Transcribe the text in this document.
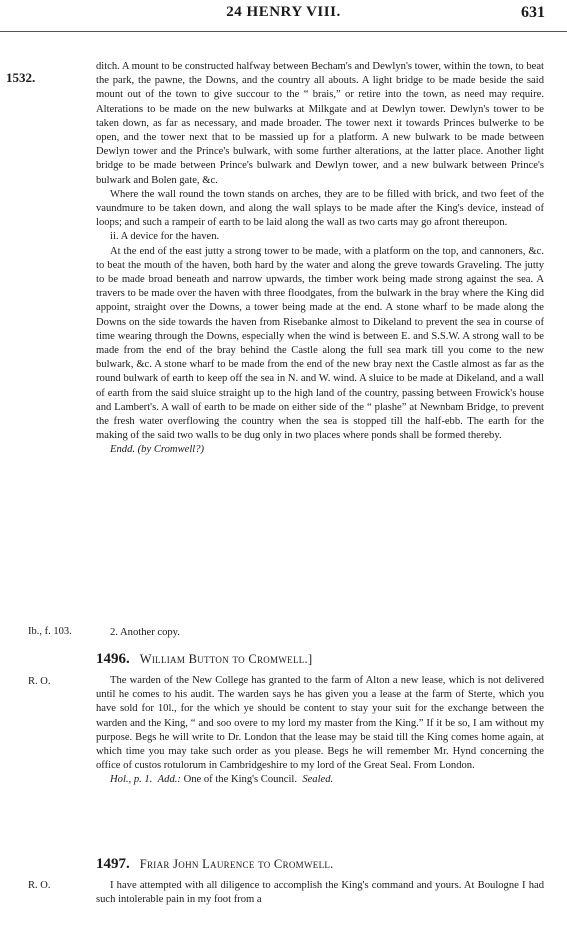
24 HENRY VIII.	631
1532.

ditch. A mount to be constructed halfway between Becham's and Dewlyn's tower, within the town, to beat the park, the pawne, the Downs, and the country all abouts. A light bridge to be made beside the said mount out of the town to give succour to the “ brais,” or retire into the town, as need may require. Alterations to be made on the new bulwarks at Milkgate and at Dewlyn tower. Dewlyn's tower to be taken down, as far as necessary, and made broader. The tower next it towards Princes bulwerke to be open, and the tower next that to be massied up for a platform. A new bulwark to be made between Dewlyn tower and the Prince's bulwark, with some further alterations, at the latter place. Another light bridge to be made between Prince's bulwark and Dewlyn tower, and a new bulwark between Prince's bulwark and Bolen gate, &c.

Where the wall round the town stands on arches, they are to be filled with brick, and two feet of the vaundmure to be taken down, and along the wall splays to be made after the King's device, instead of loops; and such a rampeir of earth to be laid along the wall as two carts may go afront thereupon.

ii. A device for the haven.

At the end of the east jutty a strong tower to be made, with a platform on the top, and cannoners, &c. to beat the mouth of the haven, both hard by the water and along the greve towards Graveling. The jutty to be made broad beneath and narrow upwards, the timber work being made strong against the sea. A travers to be made over the haven with three floodgates, from the bulwark in the bray where the King did appoint, straight over the Downs, a tower being made at the end. A stone wharf to be made along the Downs on the side towards the haven from Risebanke almost to Dikeland to prevent the sea in course of time wearing through the Downs, especially when the wind is between E. and S.S.W. A strong wall to be made from the end of the bray behind the Castle along the full sea mark till you come to the new bulwark, &c. A stone wharf to be made from the end of the new bray next the Castle almost as far as the round bulwark of earth to keep off the sea in N. and W. wind. A sluice to be made at Dikeland, and a wall of earth from the said sluice straight up to the high land of the country, passing between Frowick's house and Lambert's. A wall of earth to be made on either side of the “ plashe” at Newnbam Bridge, to prevent the fresh water overflowing the country when the sea is stopped till the half-ebb. The earth for the making of the said two walls to be dug only in two places where ponds shall be formed thereby.

Endd. (by Cromwell?)

Ib., f. 103.	2. Another copy.

1496. William Button to Cromwell.]
R. O.	The warden of the New College has granted to the farm of Alton a new lease, which is not delivered until he comes to his audit. The warden says he has given you a lease at the farm of Sterte, which you have sold for 10l., for the which ye should be content to stay your suit for the exchange between the warden and the King, “ and soo overe to my lord my master from the King.” If it be so, I am without my purpose. Begs he will write to Dr. London that the lease may be staid till the King comes home again, at which time you may take such order as you please. Begs he will remember Mr. Hynd concerning the office of custos rotulorum in Cambridgeshire to my lord of the Great Seal. From London.

Hol., p. 1. Add.: One of the King's Council. Sealed.

1497. Friar John Laurence to Cromwell.
R. O.	I have attempted with all diligence to accomplish the King's command and yours. At Boulogne I had such intolerable pain in my foot from a
